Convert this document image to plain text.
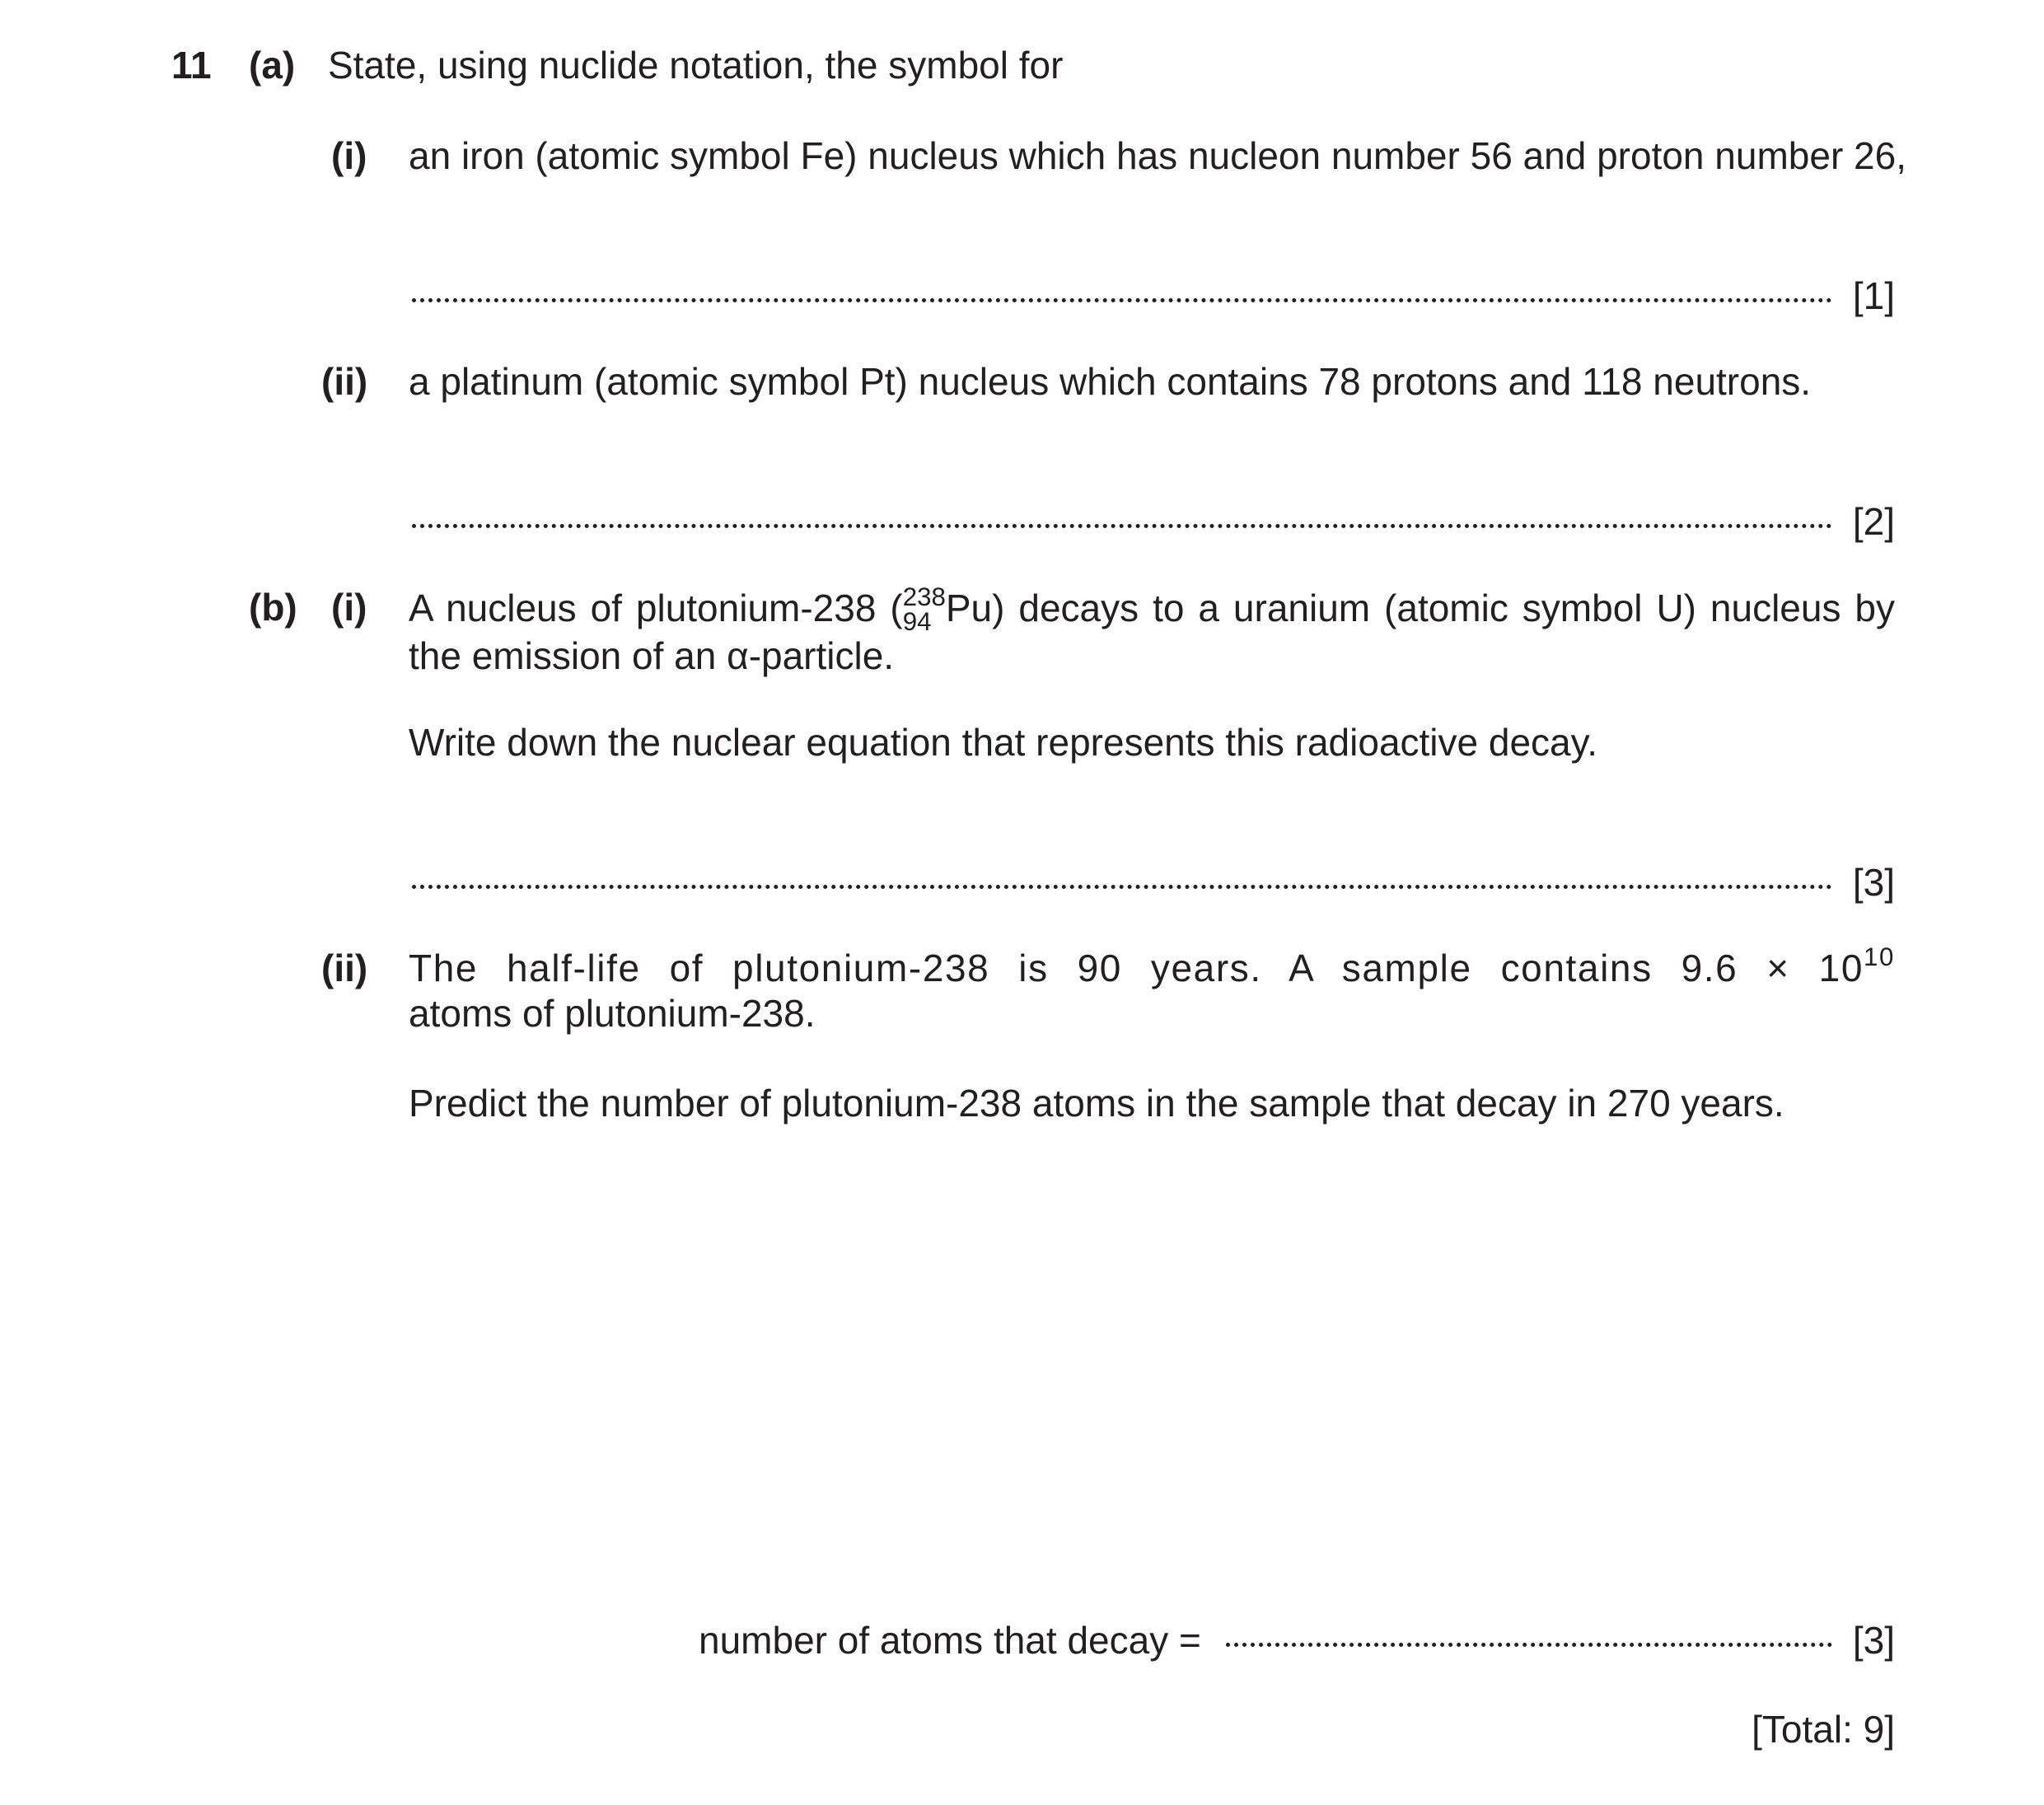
11 (a) State, using nuclide notation, the symbol for
(i) an iron (atomic symbol Fe) nucleus which has nucleon number 56 and proton number 26,
[1]
(ii) a platinum (atomic symbol Pt) nucleus which contains 78 protons and 118 neutrons.
[2]
(b) (i) A nucleus of plutonium-238 ( 238
94 Pu) decays to a uranium (atomic symbol U) nucleus by the emission of an α-particle.
Write down the nuclear equation that represents this radioactive decay.
[3]
(ii) The half-life of plutonium-238 is 90 years. A sample contains $9.6 \times 10^{10}$ atoms of plutonium-238.
Predict the number of plutonium-238 atoms in the sample that decay in 270 years.
number of atoms that decay =	[3]
[Total: 9]
